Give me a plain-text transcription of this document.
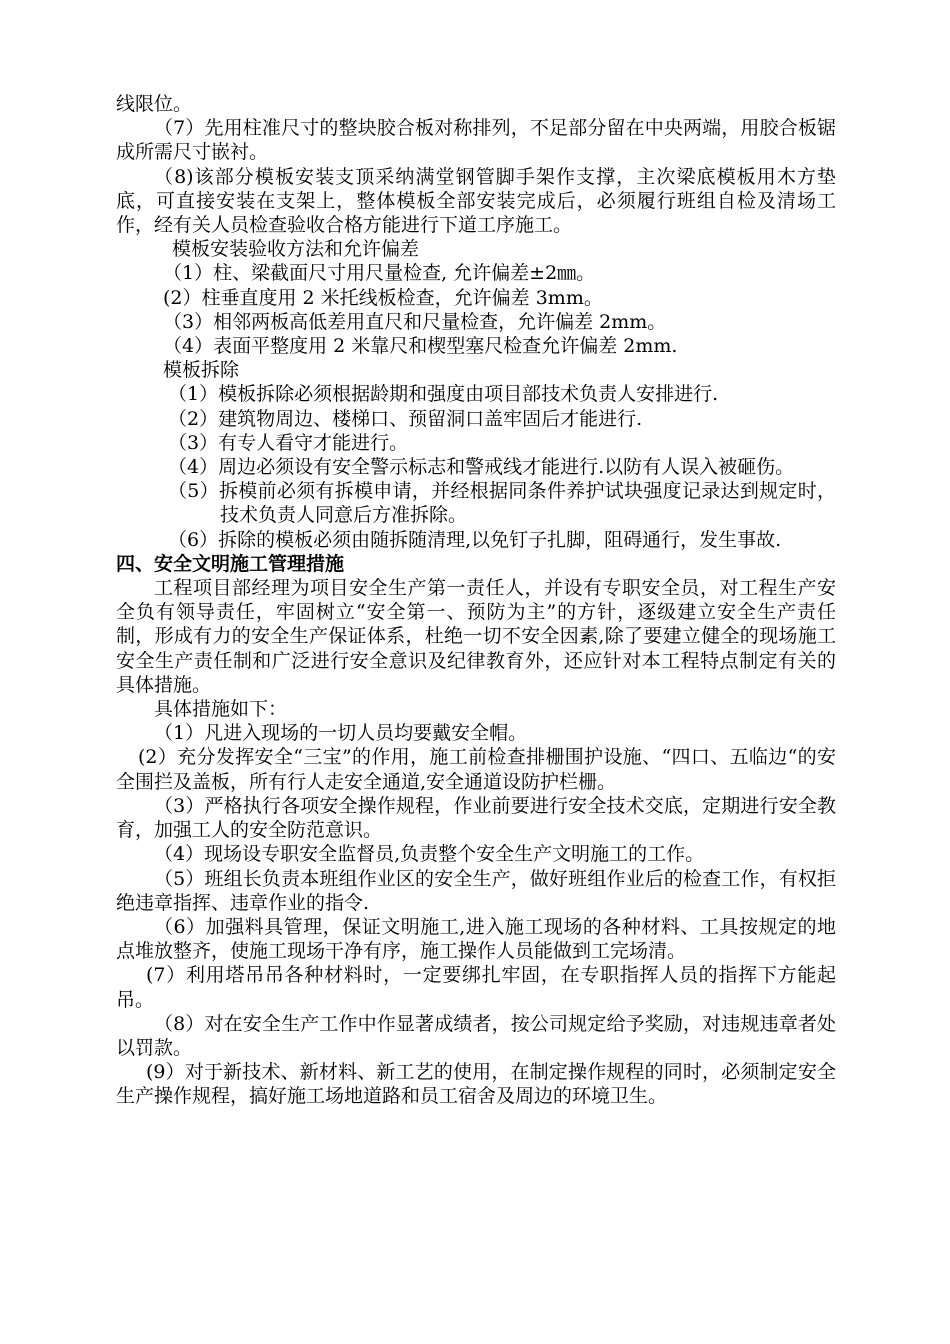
线限位。

（7）先用柱准尺寸的整块胶合板对称排列，不足部分留在中央两端，用胶合板锯成所需尺寸嵌衬。

（8)该部分模板安装支顶采纳满堂钢管脚手架作支撑，主次梁底模板用木方垫底，可直接安装在支架上，整体模板全部安装完成后，必须履行班组自检及清场工作，经有关人员检查验收合格方能进行下道工序施工。

模板安装验收方法和允许偏差

（1）柱、梁截面尺寸用尺量检查, 允许偏差±2㎜。

(2）柱垂直度用 2 米托线板检查，允许偏差 3mm。

（3）相邻两板高低差用直尺和尺量检查，允许偏差 2mm。

（4）表面平整度用 2 米靠尺和楔型塞尺检查允许偏差 2mm.

模板拆除

（1）模板拆除必须根据龄期和强度由项目部技术负责人安排进行.

（2）建筑物周边、楼梯口、预留洞口盖牢固后才能进行.

（3）有专人看守才能进行。

（4）周边必须设有安全警示标志和警戒线才能进行.以防有人误入被砸伤。

（5）拆模前必须有拆模申请，并经根据同条件养护试块强度记录达到规定时，技术负责人同意后方准拆除。

（6）拆除的模板必须由随拆随清理,以免钉子扎脚，阻碍通行，发生事故.

四、安全文明施工管理措施

工程项目部经理为项目安全生产第一责任人，并设有专职安全员，对工程生产安全负有领导责任，牢固树立“安全第一、预防为主”的方针，逐级建立安全生产责任制，形成有力的安全生产保证体系，杜绝一切不安全因素,除了要建立健全的现场施工安全生产责任制和广泛进行安全意识及纪律教育外，还应针对本工程特点制定有关的具体措施。

具体措施如下：

（1）凡进入现场的一切人员均要戴安全帽。

(2）充分发挥安全“三宝”的作用，施工前检查排栅围护设施、“四口、五临边“的安全围拦及盖板，所有行人走安全通道,安全通道设防护栏栅。

（3）严格执行各项安全操作规程，作业前要进行安全技术交底，定期进行安全教育，加强工人的安全防范意识。

（4）现场设专职安全监督员,负责整个安全生产文明施工的工作。

（5）班组长负责本班组作业区的安全生产，做好班组作业后的检查工作，有权拒绝违章指挥、违章作业的指令.

（6）加强料具管理，保证文明施工,进入施工现场的各种材料、工具按规定的地点堆放整齐，使施工现场干净有序，施工操作人员能做到工完场清。

(7）利用塔吊吊各种材料时，一定要绑扎牢固，在专职指挥人员的指挥下方能起吊。

（8）对在安全生产工作中作显著成绩者，按公司规定给予奖励，对违规违章者处以罚款。

(9）对于新技术、新材料、新工艺的使用，在制定操作规程的同时，必须制定安全生产操作规程，搞好施工场地道路和员工宿舍及周边的环境卫生。
